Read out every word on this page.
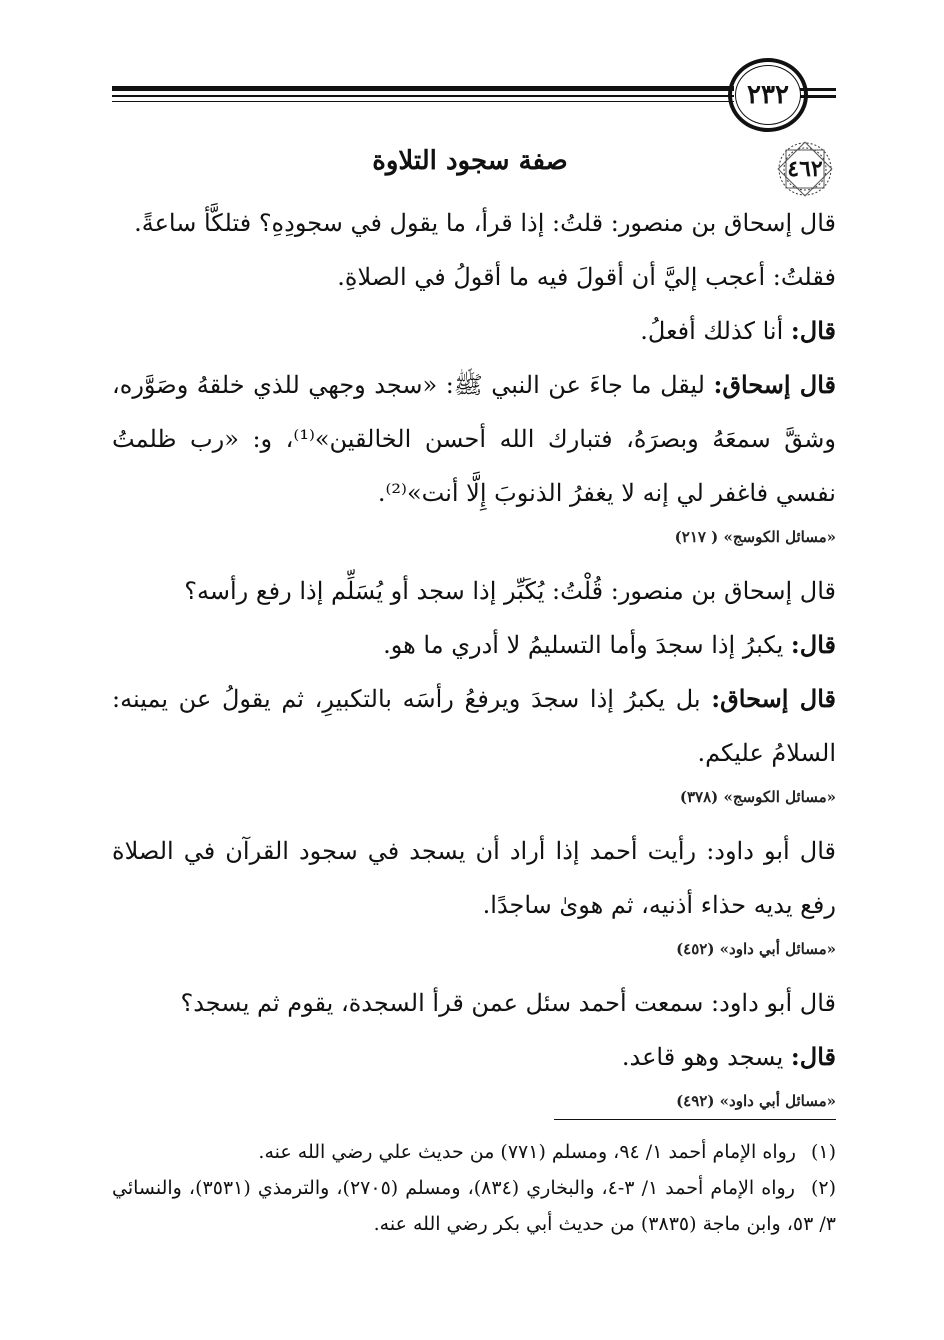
٢٣٢
٤٦٢
صفة سجود التلاوة

قال إسحاق بن منصور: قلتُ: إذا قرأ، ما يقول في سجودِهِ؟ فتلكَّأ ساعةً.

فقلتُ: أعجب إليَّ أن أقولَ فيه ما أقولُ في الصلاةِ.

قال: أنا كذلك أفعلُ.

قال إسحاق: ليقل ما جاءَ عن النبي ﷺ: «سجد وجهي للذي خلقهُ وصَوَّره، وشقَّ سمعَهُ وبصرَهُ، فتبارك الله أحسن الخالقين»⁽¹⁾، و: «رب ظلمتُ نفسي فاغفر لي إنه لا يغفرُ الذنوبَ إِلَّا أنت»⁽²⁾.

«مسائل الكوسج» ( ٢١٧)

قال إسحاق بن منصور: قُلْتُ: يُكَبِّر إذا سجد أو يُسَلِّم إذا رفع رأسه؟

قال: يكبرُ إذا سجدَ وأما التسليمُ لا أدري ما هو.

قال إسحاق: بل يكبرُ إذا سجدَ ويرفعُ رأسَه بالتكبيرِ، ثم يقولُ عن يمينه: السلامُ عليكم.

«مسائل الكوسج» (٣٧٨)

قال أبو داود: رأيت أحمد إذا أراد أن يسجد في سجود القرآن في الصلاة رفع يديه حذاء أذنيه، ثم هوىٰ ساجدًا.

«مسائل أبي داود» (٤٥٢)

قال أبو داود: سمعت أحمد سئل عمن قرأ السجدة، يقوم ثم يسجد؟

قال: يسجد وهو قاعد.

«مسائل أبي داود» (٤٩٢)

(١) رواه الإمام أحمد ١/ ٩٤، ومسلم (٧٧١) من حديث علي رضي الله عنه.

(٢) رواه الإمام أحمد ١/ ٣-٤، والبخاري (٨٣٤)، ومسلم (٢٧٠٥)، والترمذي (٣٥٣١)، والنسائي ٣/ ٥٣، وابن ماجة (٣٨٣٥) من حديث أبي بكر رضي الله عنه.
